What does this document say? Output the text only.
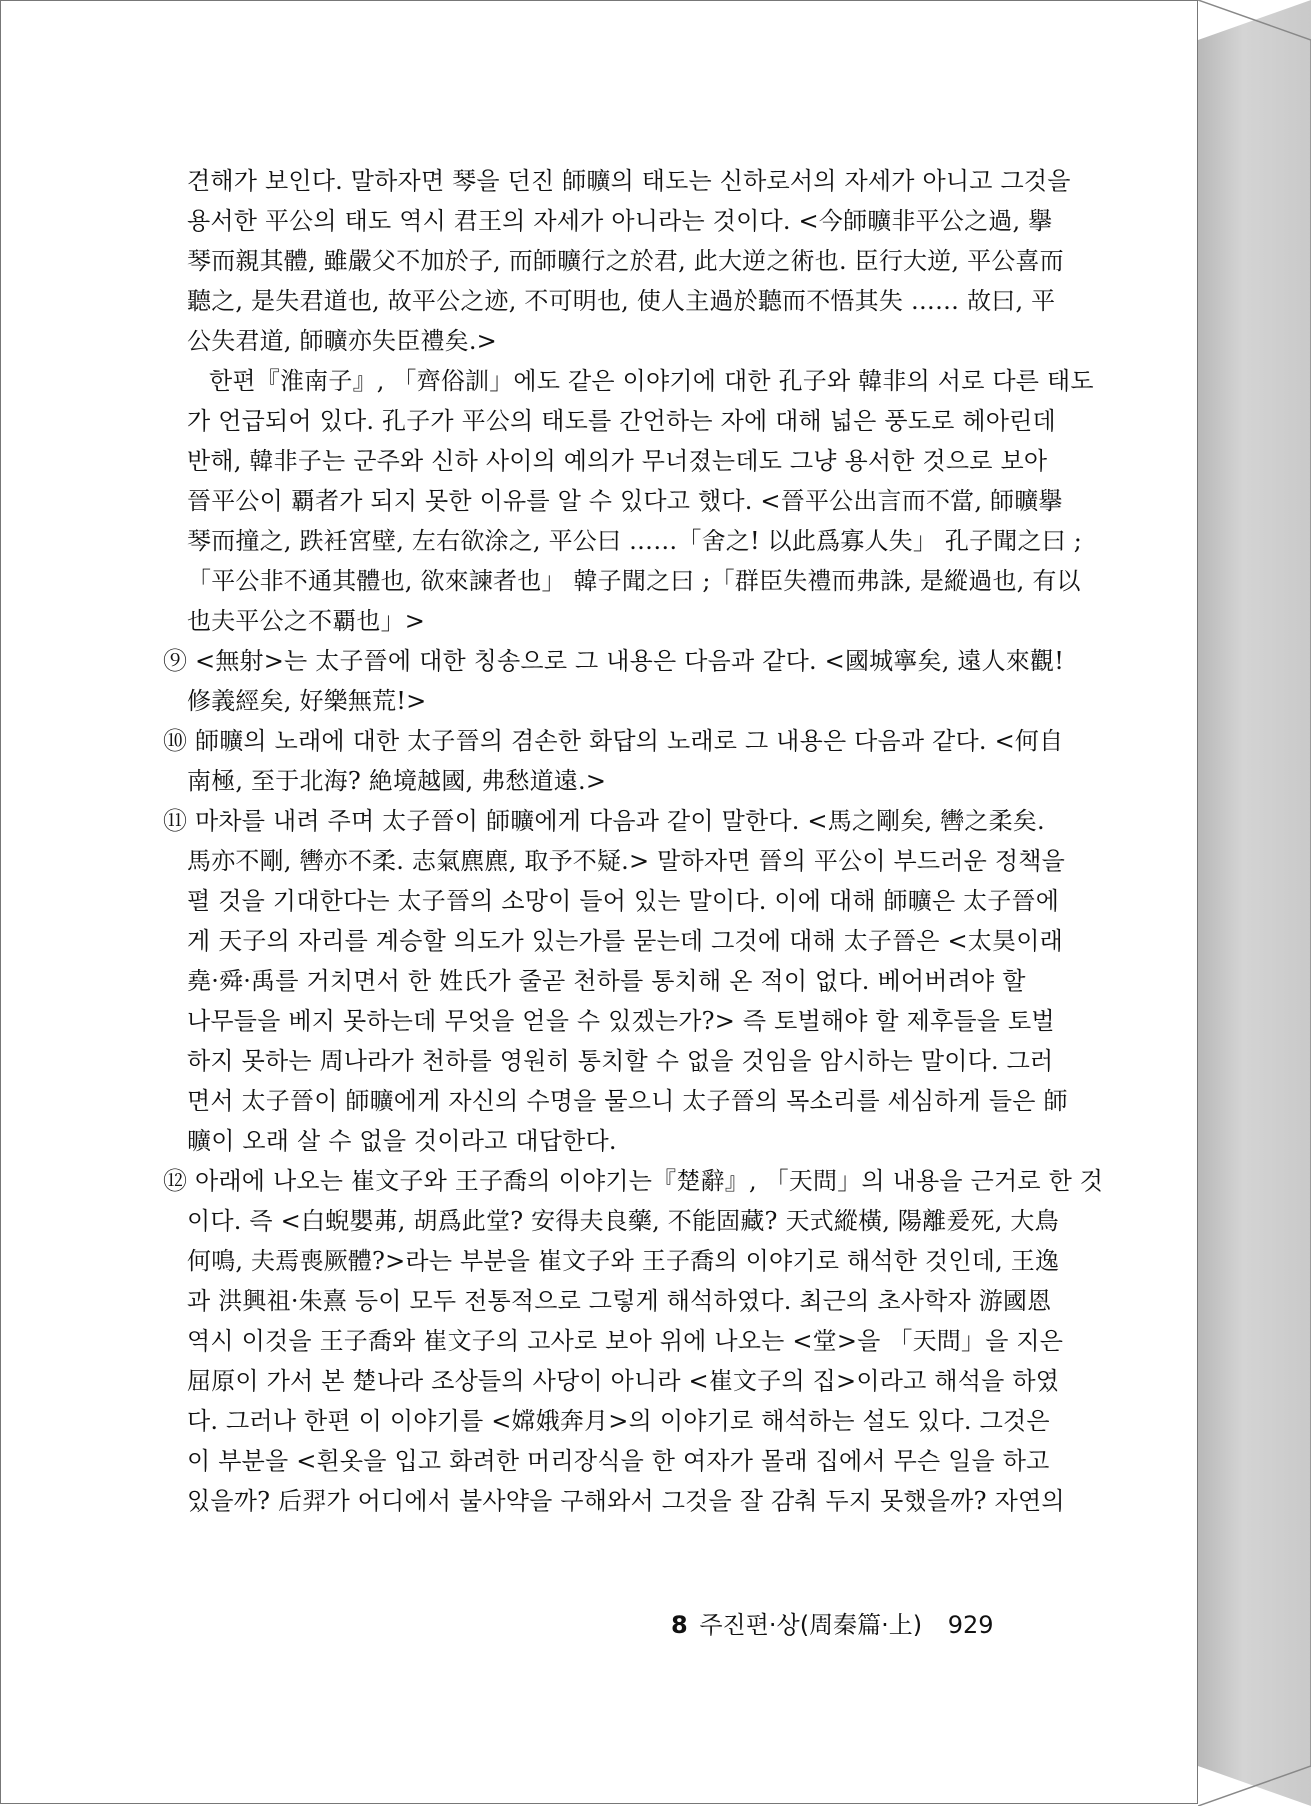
견해가 보인다. 말하자면 琴을 던진 師曠의 태도는 신하로서의 자세가 아니고 그것을
용서한 平公의 태도 역시 君王의 자세가 아니라는 것이다. <今師曠非平公之過, 擧
琴而親其體, 雖嚴父不加於子, 而師曠行之於君, 此大逆之術也. 臣行大逆, 平公喜而
聽之, 是失君道也, 故平公之迹, 不可明也, 使人主過於聽而不悟其失 …… 故曰, 平
公失君道, 師曠亦失臣禮矣.>
한편『淮南子』, 「齊俗訓」에도 같은 이야기에 대한 孔子와 韓非의 서로 다른 태도
가 언급되어 있다. 孔子가 平公의 태도를 간언하는 자에 대해 넓은 풍도로 헤아린데
반해, 韓非子는 군주와 신하 사이의 예의가 무너졌는데도 그냥 용서한 것으로 보아
晉平公이 覇者가 되지 못한 이유를 알 수 있다고 했다. <晉平公出言而不當, 師曠擧
琴而撞之, 跌衽宮壁, 左右欲涂之, 平公曰 ……「舍之! 以此爲寡人失」 孔子聞之曰 ;
「平公非不通其體也, 欲來諫者也」 韓子聞之曰 ;「群臣失禮而弗誅, 是縱過也, 有以
也夫平公之不覇也」>
⑨ <無射>는 太子晉에 대한 칭송으로 그 내용은 다음과 같다. <國城寧矣, 遠人來觀!
修義經矣, 好樂無荒!>
⑩ 師曠의 노래에 대한 太子晉의 겸손한 화답의 노래로 그 내용은 다음과 같다. <何自
南極, 至于北海? 絶境越國, 弗愁道遠.>
⑪ 마차를 내려 주며 太子晉이 師曠에게 다음과 같이 말한다. <馬之剛矣, 轡之柔矣.
馬亦不剛, 轡亦不柔. 志氣麃麃, 取予不疑.> 말하자면 晉의 平公이 부드러운 정책을
펼 것을 기대한다는 太子晉의 소망이 들어 있는 말이다. 이에 대해 師曠은 太子晉에
게 天子의 자리를 계승할 의도가 있는가를 묻는데 그것에 대해 太子晉은 <太昊이래
堯·舜·禹를 거치면서 한 姓氏가 줄곧 천하를 통치해 온 적이 없다. 베어버려야 할
나무들을 베지 못하는데 무엇을 얻을 수 있겠는가?> 즉 토벌해야 할 제후들을 토벌
하지 못하는 周나라가 천하를 영원히 통치할 수 없을 것임을 암시하는 말이다. 그러
면서 太子晉이 師曠에게 자신의 수명을 물으니 太子晉의 목소리를 세심하게 들은 師
曠이 오래 살 수 없을 것이라고 대답한다.
⑫ 아래에 나오는 崔文子와 王子喬의 이야기는『楚辭』, 「天問」의 내용을 근거로 한 것
이다. 즉 <白蜺嬰茀, 胡爲此堂? 安得夫良藥, 不能固藏? 天式縱橫, 陽離爰死, 大鳥
何鳴, 夫焉喪厥體?>라는 부분을 崔文子와 王子喬의 이야기로 해석한 것인데, 王逸
과 洪興祖·朱熹 등이 모두 전통적으로 그렇게 해석하였다. 최근의 초사학자 游國恩
역시 이것을 王子喬와 崔文子의 고사로 보아 위에 나오는 <堂>을 「天問」을 지은
屈原이 가서 본 楚나라 조상들의 사당이 아니라 <崔文子의 집>이라고 해석을 하였
다. 그러나 한편 이 이야기를 <嫦娥奔月>의 이야기로 해석하는 설도 있다. 그것은
이 부분을 <흰옷을 입고 화려한 머리장식을 한 여자가 몰래 집에서 무슨 일을 하고
있을까? 后羿가 어디에서 불사약을 구해와서 그것을 잘 감춰 두지 못했을까? 자연의
8 주진편·상(周秦篇·上) 929
